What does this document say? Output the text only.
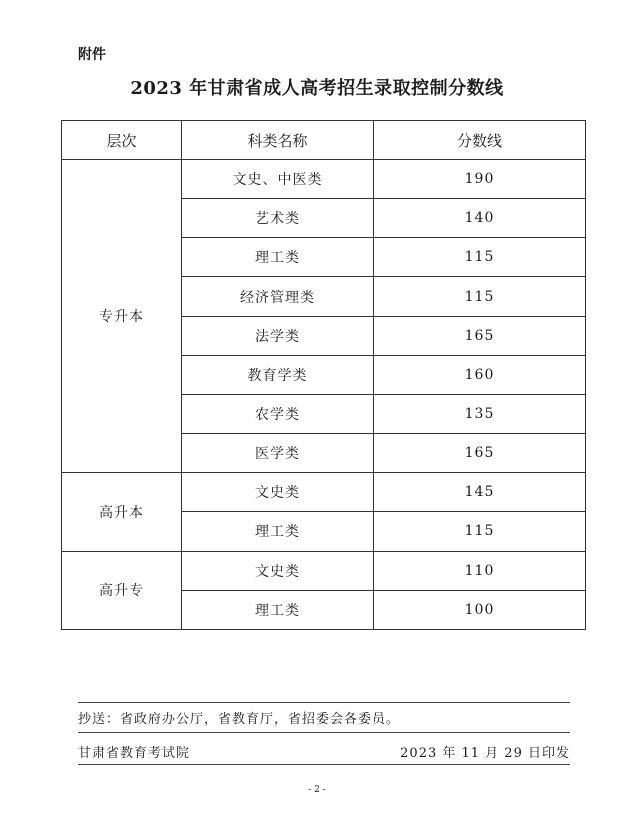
附件
2023 年甘肃省成人高考招生录取控制分数线
层次	科类名称	分数线
专升本	文史、中医类	190
	艺术类	140
	理工类	115
	经济管理类	115
	法学类	165
	教育学类	160
	农学类	135
	医学类	165
高升本	文史类	145
	理工类	115
高升专	文史类	110
	理工类	100
抄送：省政府办公厅，省教育厅，省招委会各委员。
甘肃省教育考试院	2023 年 11 月 29 日印发
- 2 -
